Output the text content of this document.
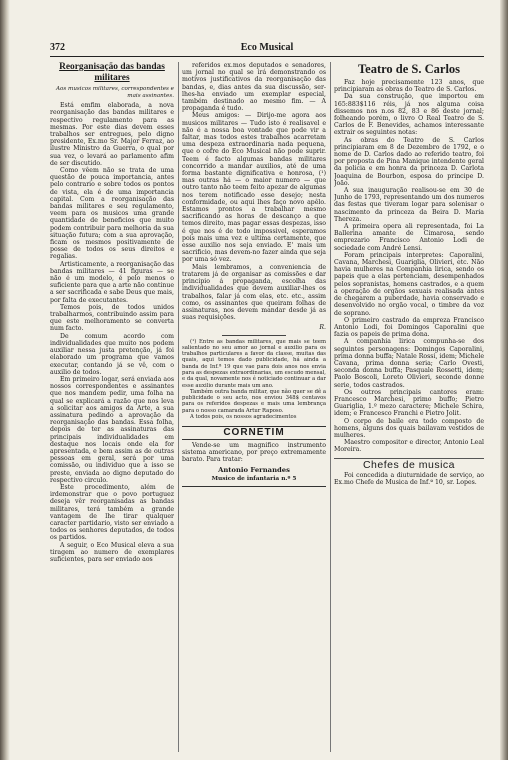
372	Eco Musical
Reorganisação das bandas militares
Aos musicos militares, correspondentes e mais assinantes.

Está emfim elaborada, a nova reorganisação das bandas militares e respectivo regulamento para as mesmas. Por este dias devem esses trabalhos ser entregues, pelo digno presidente, Ex.mo Sr. Major Ferraz, ao ilustre Ministro da Guerra, o qual por sua vez, o levará ao parlamento afim de ser discutido.

Como vêem não se trata de uma questão de pouca importancia, antes pelo contrario e sobre todos os pontos de vista, ela é de uma importancia capital. Com a reorganisação das bandas militares e seu regulamento, veem para os musicos uma grande quantidade de beneficios que muito podem contribuir para melhoria da sua situação futura; com a sua aprovação, ficam os mesmos positivamente de posse de todos os seus direitos e regalias.

Artisticamente, a reorganisação das bandas militares — 41 figuras — se não é um modelo, é pelo menos o suficiente para que a arte não continue a ser sacrificada e sabe Deus que mais, por falta de executantes.

Temos pois, de todos unidos trabalharmos, contribuindo assim para que este melhoramento se converta num facto.

De comum acordo com individualidades que muito nos podem auxiliar nessa justa pretenção, já foi elaborado um programa que vamos executar, contando já se vê, com o auxilio de todos.

Em primeiro logar, será enviada aos nossos correspondentes e assinantes que nos mandem pedir, uma folha na qual se explicará a razão que nos leva a solicitar aos amigos da Arte, a sua assinatura pedindo a aprovação da reorganisação das bandas. Essa folha, depois de ter as assinaturas das principais individualidades em destaque nos locais onde ela for apresentada, e bem assim as de outras pessoas em geral, será por uma comissão, ou individuo que a isso se preste, enviada ao digno deputado do respectivo circulo.

Este procedimento, além de irdemonstrar que o povo portuguez deseja vêr reorganisadas as bandas militares, terá também a grande vantagem de lhe tirar qualquer caracter partidario, visto ser enviado a todos os senhores deputados, de todos os partidos.

A seguir, o Eco Musical eleva a sua tiragem ao numero de exemplares suficientes, para ser enviado aos

referidos ex.mos deputados e senadores, um jornal no qual se irá demonstrando os motivos justificativos da reorganisação das bandas, e, dias antes da sua discussão, ser-lhes-ha enviado um exemplar especial, também destinado ao mesmo fim. — A propaganda é tudo.

Meus amigos: — Dirijo-me agora aos musicos militares — Tudo isto é realisavel e não é a nossa boa vontade que pode vir a faltar, mas todos estes trabalhos acarretam uma despeza extraordinaria nada pequena, que o cofre do Eco Musical não pode suprir. Teem é facto algumas bandas militares concorrido a mandar auxilios, até de uma forma bastante dignificativa e honrosa, (¹) mas outras há — o maior numero — que outro tanto não teem feito apezar de algumas nos terem notificado esse desejo; nesta conformidade, ou aqui lhes faço novo apêlo. Estamos prontos a trabalhar mesmo sacrificando as horas de descanço a que temos direito, mas pagar essas despezas, isso é que nos é de todo impossivel, esperamos pois mais uma vez e ultima certamente, que esse auxilio nos seja enviado. E' mais um sacrificio, mas devem-no fazer ainda que seja por uma só vez.

Mais lembramos, a conveniencia de tratarem já de organisar as comissões e dar principio á propaganda, escolha das individualidades que devem auxiliar-lhes os trabalhos, falar já com elas, etc. etc., assim como, os assinantes que queiram folhas de assinaturas, nos devem mandar desde já as suas requisições.

R.

(¹) Entre as bandas militares, que mais se teem salientado no seu amor ao jornal e auxilio para os trabalhos particulares a favor da classe, muitas das quais, aqui temos dado publicidade, há ainda a banda de Inf.ª 19 que vae para dois anos nos envia para as despezas extraordinarias, um escudo mensal, e da qual, novamente nos é noticiado continuar a dar esse auxilio durante mais um ano.

Também outra banda militar, que não quer se dê a publicidade o seu acto, nos enviou 348$ centavos para os referidos despezas e mais uma lembrança para o nosso camarada Artur Raposo.

A todos pois, os nossos agradecimentos

CORNETIM

Vende-se um magnifico instrumento sistema americano, por preço extremamente barato. Para tratar:

Antonio Fernandes
Musico de infantaria n.º 5
Teatro de S. Carlos

Faz hoje precisamente 123 anos, que principiaram as obras do Teatro de S. Carlos.

Da sua construção, que importou em 165:883$116 réis, já nos alguma coisa dissemos nos n.os 82, 83 e 86 deste jornal; folheando porém, o livro O Real Teatro de S. Carlos de F. Benevides, achamos interessante extrair os seguintes notas:

As obras do Teatro de S. Carlos principiaram em 8 de Dezembro de 1792, e o nome de D. Carlos dado ao referido teatro, foi por proposta de Pina Manique intendente geral da policia e em honra da princeza D. Carlota Joaquina de Bourbon, esposa do principe D. João.

A sua inauguração realisou-se em 30 de Junho de 1793, representando um dos numeros das festas que tiveram logar para solenisar o nascimento da princeza da Beira D. Maria Thereza.

A primeira opera ali representada, foi La Ballerina amante de Cimarosa, sendo emprezario Francisco Antonio Lodi de sociedade com André Lensi.

Foram principais interpretes: Caporalini, Cavana, Marchesi, Guariglia, Olivieri, etc. Não havia mulheres na Companhia lirica, sendo os papeis que a elas pertenciam, desempenhados pelos sopranistas, homens castrados, e a quem a operação de orgãos sexuais realisada antes de chegarem a puberdade, havia conservado e desenvolvido no orgão vocal, o timbre da voz de soprano.

O primeiro castrado da empreza Francisco Antonio Lodi, foi Domingos Caporalini que fazia os papeis de prima dona.

A companhia lirica compunha-se dos seguintes personagens: Domingos Caporalini, prima donna buffa; Natale Rossi, idem; Michele Cavana, prima donna seria; Carlo Ovesti, seconda donna buffa; Pasquale Rossetti, idem; Paolo Boscoli, Loreto Olivieri, seconde donne serie, todos castrados.

Os outros principais cantores eram: Francesco Marchesi, primo buffo; Pietro Guariglia, 1.º mezo caractere; Michele Schira, idem; e Francesco Franchi e Pietro Jolit.

O corpo de baile era todo composto de homens, alguns dos quais bailavam vestidos de mulheres.

Maestro compositor e director, Antonio Leal Moreira.

Chefes de musica

Foi concedida a diuturnidade de serviço, ao Ex.mo Chefe de Musica de Inf.ª 10, sr. Lopes.
